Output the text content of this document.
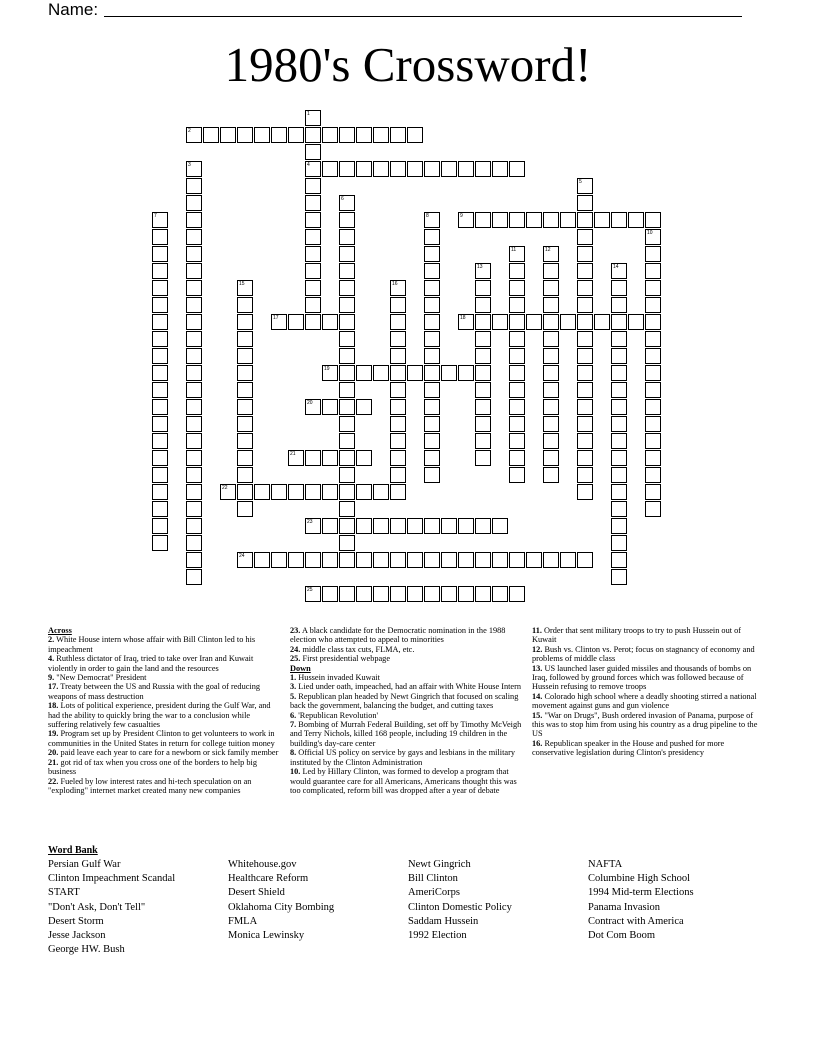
Name:
1980's Crossword!
1
4
2
3
5
6
7	8	9
10
11	12
13	14
15	16
17	18
19
20
21
22
23
24
25
Across

2. White House intern whose affair with Bill Clinton led to his impeachment

4. Ruthless dictator of Iraq, tried to take over Iran and Kuwait violently in order to gain the land and the resources

9. "New Democrat" President

17. Treaty between the US and Russia with the goal of reducing weapons of mass destruction

18. Lots of political experience, president during the Gulf War, and had the ability to quickly bring the war to a conclusion while suffering relatively few casualties

19. Program set up by President Clinton to get volunteers to work in communities in the United States in return for college tuition money

20. paid leave each year to care for a newborn or sick family member

21. got rid of tax when you cross one of the borders to help big business

22. Fueled by low interest rates and hi-tech speculation on an "exploding" internet market created many new companies

23. A black candidate for the Democratic nomination in the 1988 election who attempted to appeal to minorities

24. middle class tax cuts, FLMA, etc.

25. First presidential webpage

Down

1. Hussein invaded Kuwait

3. Lied under oath, impeached, had an affair with White House Intern

5. Republican plan headed by Newt Gingrich that focused on scaling back the government, balancing the budget, and cutting taxes

6. 'Republican Revolution'

7. Bombing of Murrah Federal Building, set off by Timothy McVeigh and Terry Nichols, killed 168 people, including 19 children in the building's day-care center

8. Official US policy on service by gays and lesbians in the military instituted by the Clinton Administration

10. Led by Hillary Clinton, was formed to develop a program that would guarantee care for all Americans, Americans thought this was too complicated, reform bill was dropped after a year of debate

11. Order that sent military troops to try to push Hussein out of Kuwait

12. Bush vs. Clinton vs. Perot; focus on stagnancy of economy and problems of middle class

13. US launched laser guided missiles and thousands of bombs on Iraq, followed by ground forces which was followed because of Hussein refusing to remove troops

14. Colorado high school where a deadly shooting stirred a national movement against guns and gun violence

15. "War on Drugs", Bush ordered invasion of Panama, purpose of this was to stop him from using his country as a drug pipeline to the US

16. Republican speaker in the House and pushed for more conservative legislation during Clinton's presidency

Word Bank
Persian Gulf War
Clinton Impeachment Scandal
START
"Don't Ask, Don't Tell"
Desert Storm
Jesse Jackson
George HW. Bush
Whitehouse.gov
Healthcare Reform
Desert Shield
Oklahoma City Bombing
FMLA
Monica Lewinsky
Newt Gingrich
Bill Clinton
AmeriCorps
Clinton Domestic Policy
Saddam Hussein
1992 Election
NAFTA
Columbine High School
1994 Mid-term Elections
Panama Invasion
Contract with America
Dot Com Boom
